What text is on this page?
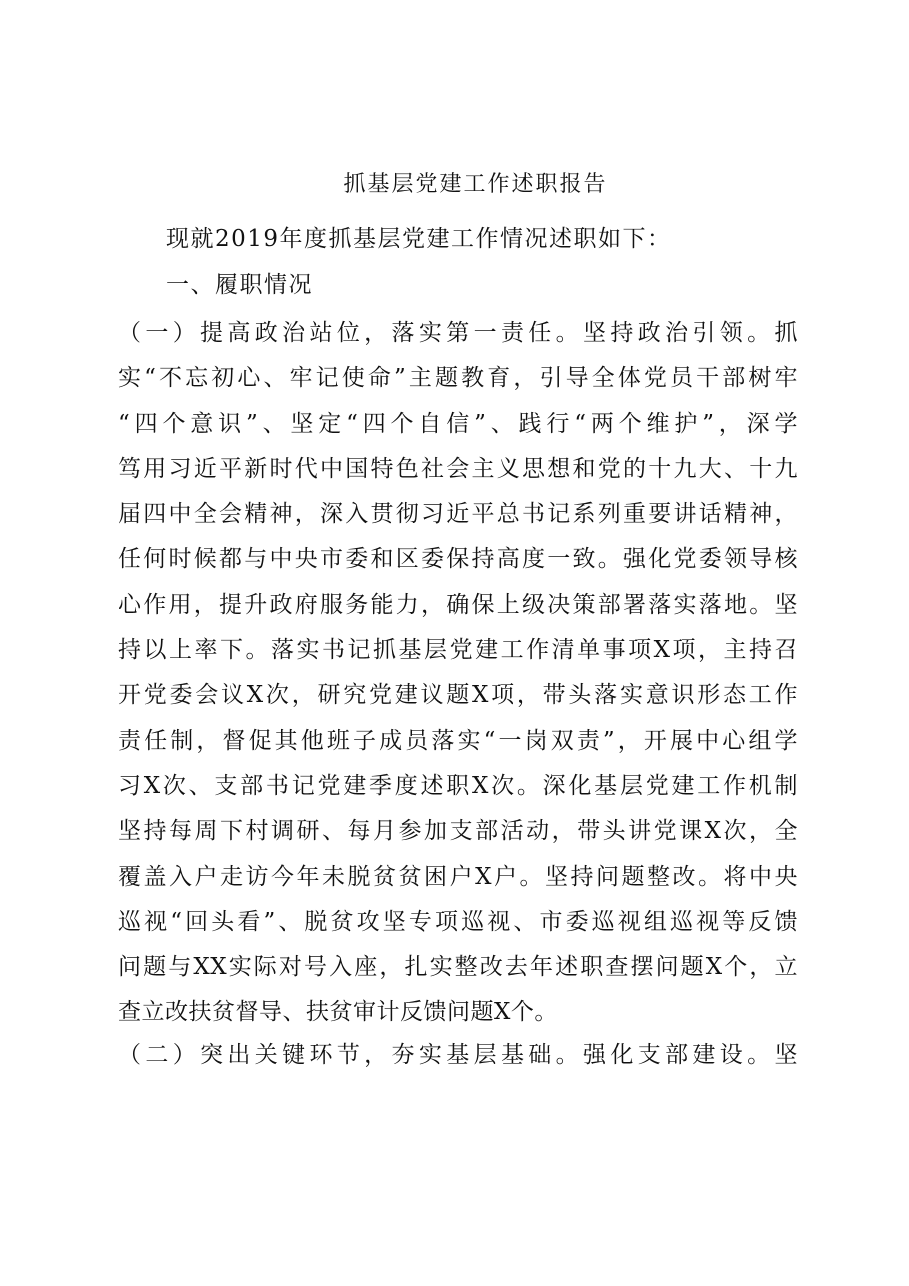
抓基层党建工作述职报告
现就2019年度抓基层党建工作情况述职如下：
一、履职情况
（一）提高政治站位，落实第一责任。坚持政治引领。抓
实“不忘初心、牢记使命”主题教育，引导全体党员干部树牢
“四个意识”、坚定“四个自信”、践行“两个维护”，深学
笃用习近平新时代中国特色社会主义思想和党的十九大、十九
届四中全会精神，深入贯彻习近平总书记系列重要讲话精神，
任何时候都与中央市委和区委保持高度一致。强化党委领导核
心作用，提升政府服务能力，确保上级决策部署落实落地。坚
持以上率下。落实书记抓基层党建工作清单事项X项，主持召
开党委会议X次，研究党建议题X项，带头落实意识形态工作
责任制，督促其他班子成员落实“一岗双责”，开展中心组学
习X次、支部书记党建季度述职X次。深化基层党建工作机制
坚持每周下村调研、每月参加支部活动，带头讲党课X次，全
覆盖入户走访今年未脱贫贫困户X户。坚持问题整改。将中央
巡视“回头看”、脱贫攻坚专项巡视、市委巡视组巡视等反馈
问题与XX实际对号入座，扎实整改去年述职查摆问题X个，立
查立改扶贫督导、扶贫审计反馈问题X个。
（二）突出关键环节，夯实基层基础。强化支部建设。坚
